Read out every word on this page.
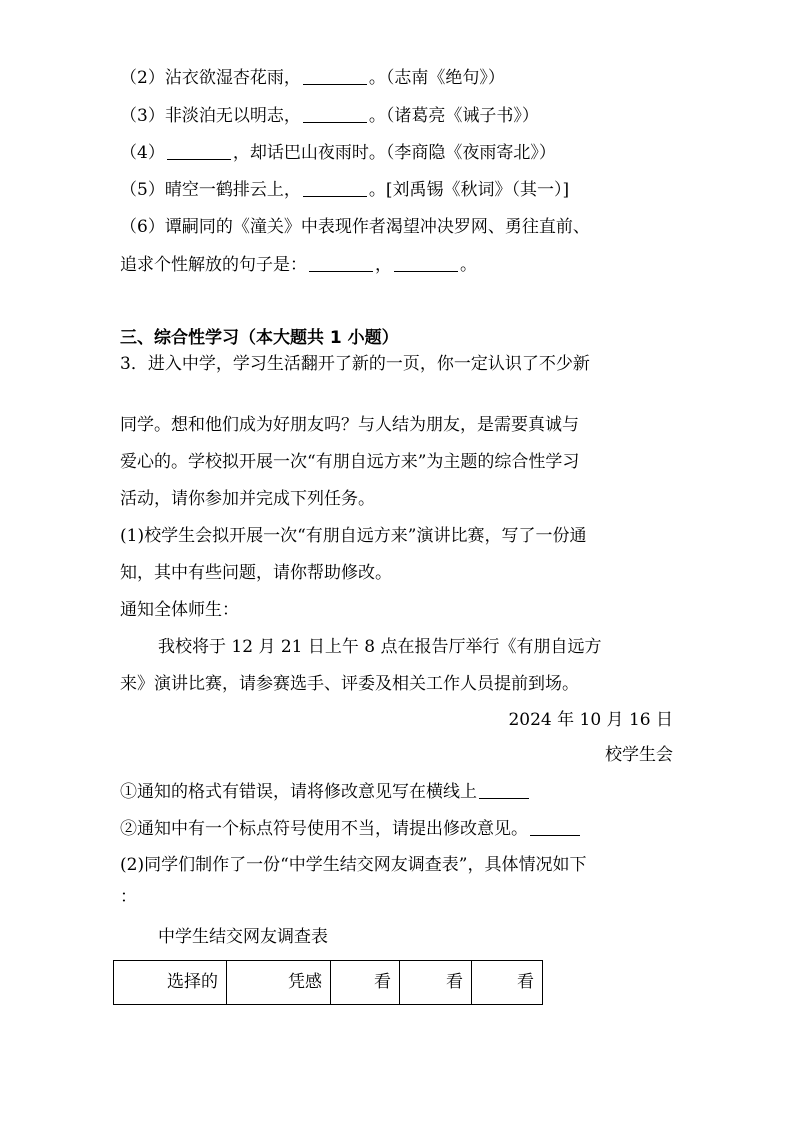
（2）沾衣欲湿杏花雨，	。（志南《绝句》）
（3）非淡泊无以明志，	。（诸葛亮《诫子书》）
（4）	，却话巴山夜雨时。（李商隐《夜雨寄北》）
（5）晴空一鹤排云上，	。[刘禹锡《秋词》（其一）]
（6）谭嗣同的《潼关》中表现作者渴望冲决罗网、勇往直前、
追求个性解放的句子是：	，	。
三、综合性学习（本大题共 1 小题）
3．进入中学，学习生活翻开了新的一页，你一定认识了不少新
同学。想和他们成为好朋友吗？与人结为朋友，是需要真诚与
爱心的。学校拟开展一次“有朋自远方来”为主题的综合性学习
活动，请你参加并完成下列任务。
(1)校学生会拟开展一次“有朋自远方来”演讲比赛，写了一份通
知，其中有些问题，请你帮助修改。
通知全体师生：
我校将于 12 月 21 日上午 8 点在报告厅举行《有朋自远方
来》演讲比赛，请参赛选手、评委及相关工作人员提前到场。
2024 年 10 月 16 日
校学生会
①通知的格式有错误，请将修改意见写在横线上
②通知中有一个标点符号使用不当，请提出修改意见。
(2)同学们制作了一份“中学生结交网友调查表”，具体情况如下
：
中学生结交网友调查表
选择的	凭感	看	看	看
